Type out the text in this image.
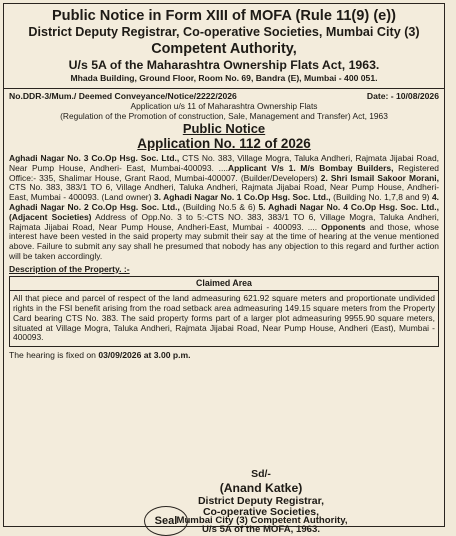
Public Notice in Form XIII of MOFA (Rule 11(9) (e))
District Deputy Registrar, Co-operative Societies, Mumbai City (3)
Competent Authority,
U/s 5A of the Maharashtra Ownership Flats Act, 1963.
Mhada Building, Ground Floor, Room No. 69, Bandra (E), Mumbai - 400 051.
No.DDR-3/Mum./ Deemed Conveyance/Notice/2222/2026	Date: - 10/08/2026
Application u/s 11 of Maharashtra Ownership Flats
(Regulation of the Promotion of construction, Sale, Management and Transfer) Act, 1963
Public Notice
Application No. 112 of 2026
Aghadi Nagar No. 3 Co.Op Hsg. Soc. Ltd., CTS No. 383, Village Mogra, Taluka Andheri, Rajmata Jijabai Road, Near Pump House, Andheri- East, Mumbai-400093. ....Applicant V/s 1. M/s Bombay Builders, Registered Office:- 335, Shalimar House, Grant Raod, Mumbai-400007. (Builder/Developers) 2. Shri Ismail Sakoor Morani, CTS No. 383, 383/1 TO 6, Village Andheri, Taluka Andheri, Rajmata Jijabai Road, Near Pump House, Andheri-East, Mumbai - 400093. (Land owner) 3. Aghadi Nagar No. 1 Co.Op Hsg. Soc. Ltd., (Building No. 1,7,8 and 9) 4. Aghadi Nagar No. 2 Co.Op Hsg. Soc. Ltd., (Building No.5 & 6) 5. Aghadi Nagar No. 4 Co.Op Hsg. Soc. Ltd., (Adjacent Societies) Address of Opp.No. 3 to 5:-CTS NO. 383, 383/1 TO 6, Village Mogra, Taluka Andheri, Rajmata Jijabai Road, Near Pump House, Andheri-East, Mumbai - 400093. .... Opponents and those, whose interest have been vested in the said property may submit their say at the time of hearing at the venue mentioned above. Failure to submit any say shall he presumed that nobody has any objection to this regard and further action will be taken accordingly.
Description of the Property. :-
Claimed Area
All that piece and parcel of respect of the land admeasuring 621.92 square meters and proportionate undivided rights in the FSI benefit arising from the road setback area admeasuring 149.15 square meters from the Property Card bearing CTS No. 383. The said property forms part of a larger plot admeasuring 9955.90 square meters, situated at Village Mogra, Taluka Andheri, Rajmata Jijabai Road, Near Pump House, Andheri (East), Mumbai - 400093.
The hearing is fixed on 03/09/2026 at 3.00 p.m.
Seal
Sd/-
(Anand Katke)
District Deputy Registrar,
Co-operative Societies,
Mumbai City (3) Competent Authority,
U/s 5A of the MOFA, 1963.
